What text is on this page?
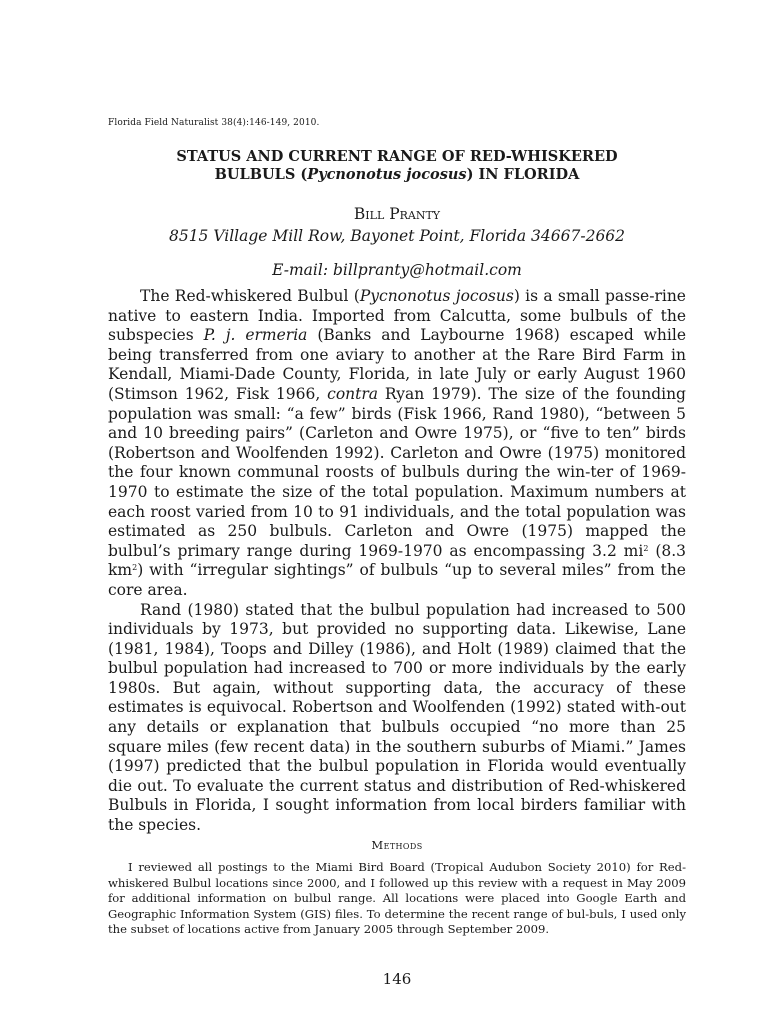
Florida Field Naturalist 38(4):146-149, 2010.
STATUS AND CURRENT RANGE OF RED-WHISKERED
BULBULS (Pycnonotus jocosus) IN FLORIDA
Bill Pranty
8515 Village Mill Row, Bayonet Point, Florida 34667-2662
E-mail: billpranty@hotmail.com

The Red-whiskered Bulbul (Pycnonotus jocosus) is a small passe-rine native to eastern India. Imported from Calcutta, some bulbuls of the subspecies P. j. ermeria (Banks and Laybourne 1968) escaped while being transferred from one aviary to another at the Rare Bird Farm in Kendall, Miami-Dade County, Florida, in late July or early August 1960 (Stimson 1962, Fisk 1966, contra Ryan 1979). The size of the founding population was small: “a few” birds (Fisk 1966, Rand 1980), “between 5 and 10 breeding pairs” (Carleton and Owre 1975), or “five to ten” birds (Robertson and Woolfenden 1992). Carleton and Owre (1975) monitored the four known communal roosts of bulbuls during the win-ter of 1969-1970 to estimate the size of the total population. Maximum numbers at each roost varied from 10 to 91 individuals, and the total population was estimated as 250 bulbuls. Carleton and Owre (1975) mapped the bulbul’s primary range during 1969-1970 as encompassing 3.2 $mi^2$ (8.3 $km^2$) with “irregular sightings” of bulbuls “up to several miles” from the core area.

Rand (1980) stated that the bulbul population had increased to 500 individuals by 1973, but provided no supporting data. Likewise, Lane (1981, 1984), Toops and Dilley (1986), and Holt (1989) claimed that the bulbul population had increased to 700 or more individuals by the early 1980s. But again, without supporting data, the accuracy of these estimates is equivocal. Robertson and Woolfenden (1992) stated with-out any details or explanation that bulbuls occupied “no more than 25 square miles (few recent data) in the southern suburbs of Miami.” James (1997) predicted that the bulbul population in Florida would eventually die out. To evaluate the current status and distribution of Red-whiskered Bulbuls in Florida, I sought information from local birders familiar with the species.

Methods

I reviewed all postings to the Miami Bird Board (Tropical Audubon Society 2010) for Red-whiskered Bulbul locations since 2000, and I followed up this review with a request in May 2009 for additional information on bulbul range. All locations were placed into Google Earth and Geographic Information System (GIS) files. To determine the recent range of bul-buls, I used only the subset of locations active from January 2005 through September 2009.

146
